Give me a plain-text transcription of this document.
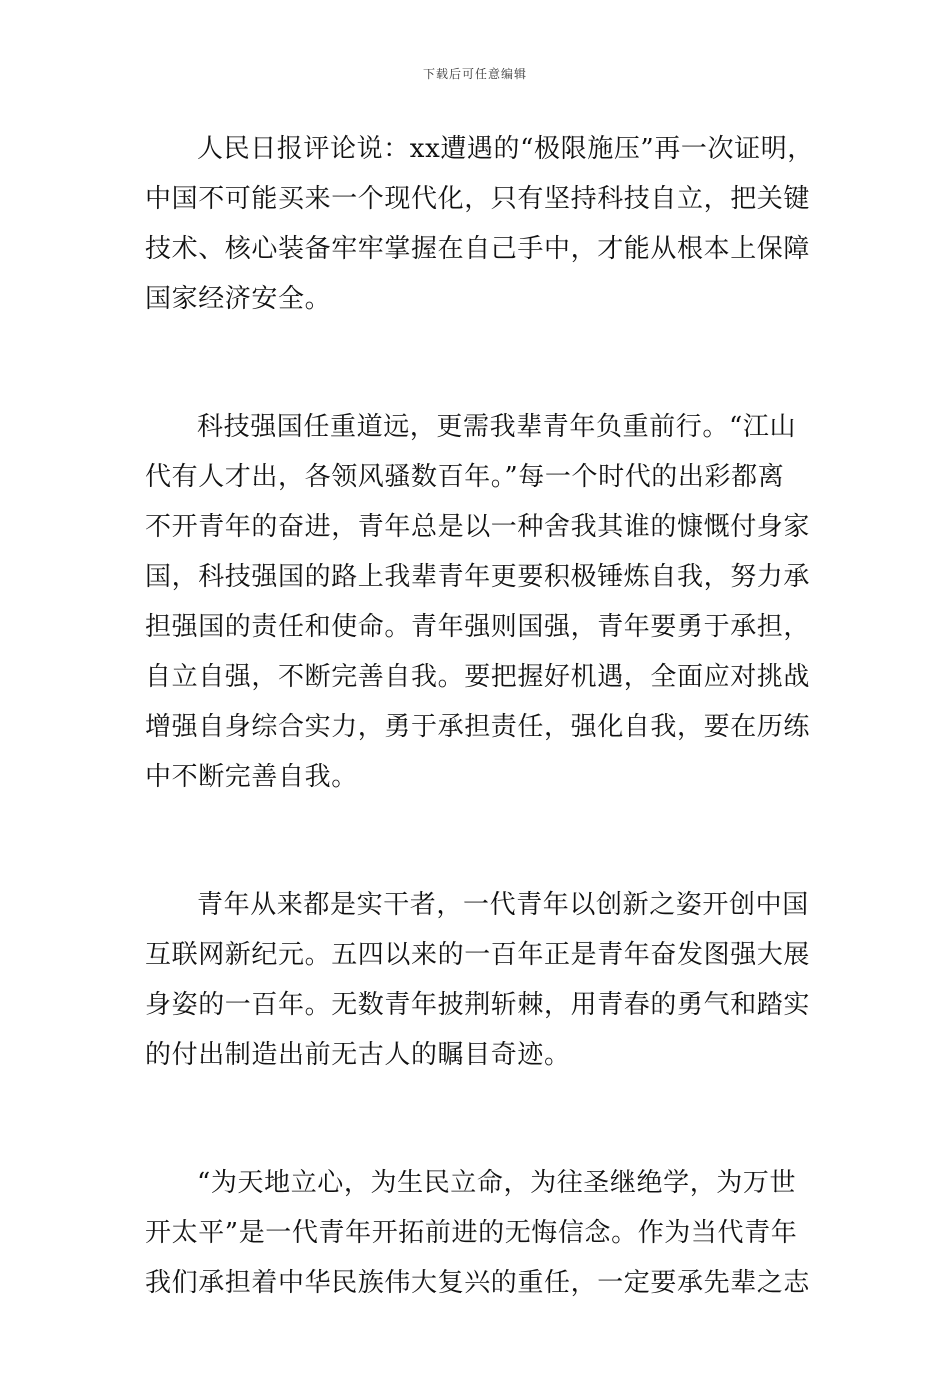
下载后可任意编辑
人民日报评论说：xx遭遇的“极限施压”再一次证明，
中国不可能买来一个现代化，只有坚持科技自立，把关键
技术、核心装备牢牢掌握在自己手中，才能从根本上保障
国家经济安全。
科技强国任重道远，更需我辈青年负重前行。“江山
代有人才出，各领风骚数百年。”每一个时代的出彩都离
不开青年的奋进，青年总是以一种舍我其谁的慷慨付身家
国，科技强国的路上我辈青年更要积极锤炼自我，努力承
担强国的责任和使命。青年强则国强，青年要勇于承担，
自立自强，不断完善自我。要把握好机遇，全面应对挑战
增强自身综合实力，勇于承担责任，强化自我，要在历练
中不断完善自我。
青年从来都是实干者，一代青年以创新之姿开创中国
互联网新纪元。五四以来的一百年正是青年奋发图强大展
身姿的一百年。无数青年披荆斩棘，用青春的勇气和踏实
的付出制造出前无古人的瞩目奇迹。
“为天地立心，为生民立命，为往圣继绝学，为万世
开太平”是一代青年开拓前进的无悔信念。作为当代青年
我们承担着中华民族伟大复兴的重任，一定要承先辈之志
